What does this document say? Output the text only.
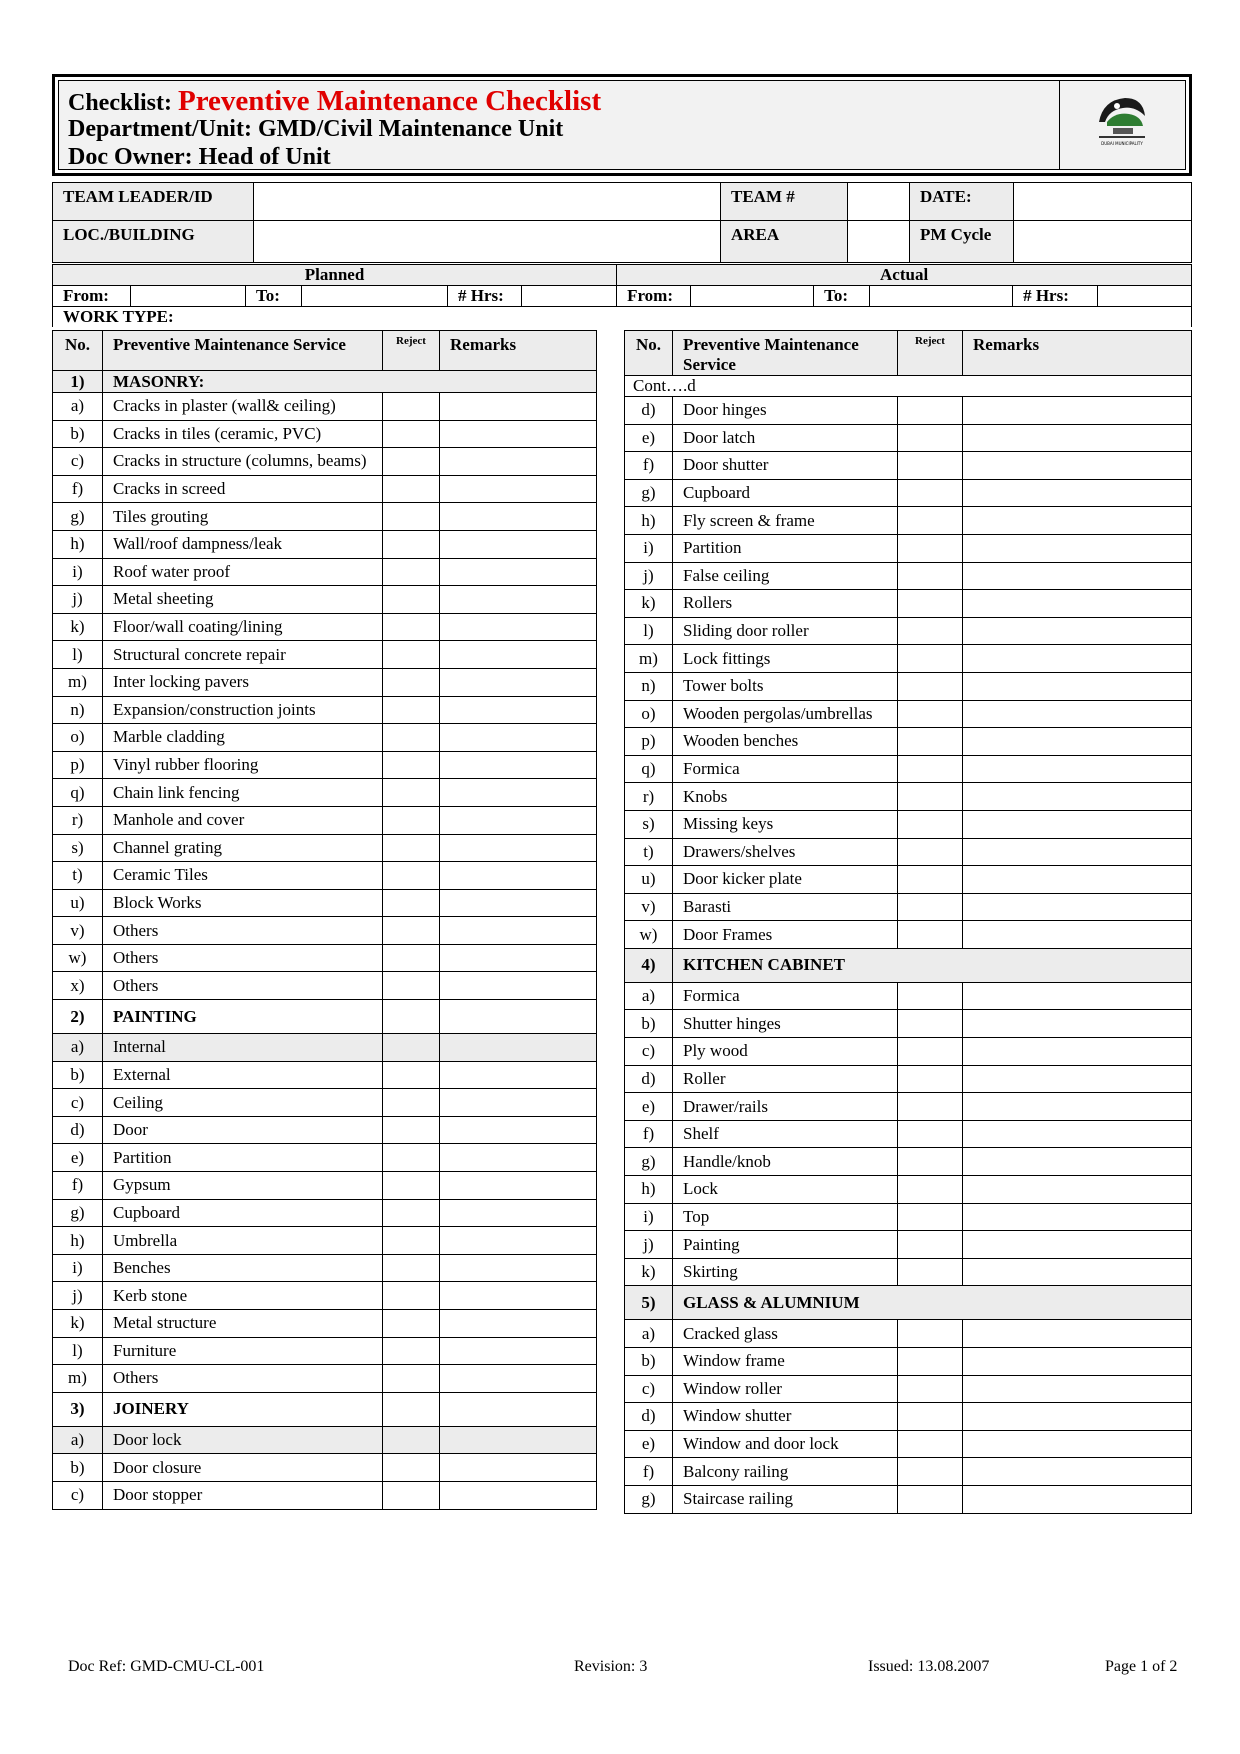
Checklist: Preventive Maintenance Checklist
Department/Unit: GMD/Civil Maintenance Unit
Doc Owner: Head of Unit
DUBAI MUNICIPALITY
TEAM LEADER/ID		TEAM #		DATE:	
LOC./BUILDING		AREA		PM Cycle	
Planned						Actual					
From:		To:		# Hrs:		From:		To:		# Hrs:	
WORK TYPE:											
No.	Preventive Maintenance Service	Reject	Remarks
1)	MASONRY:		
a)	Cracks in plaster (wall& ceiling)		
b)	Cracks in tiles (ceramic, PVC)		
c)	Cracks in structure (columns, beams)		
f)	Cracks in screed		
g)	Tiles grouting		
h)	Wall/roof dampness/leak		
i)	Roof water proof		
j)	Metal sheeting		
k)	Floor/wall coating/lining		
l)	Structural concrete repair		
m)	Inter locking pavers		
n)	Expansion/construction joints		
o)	Marble cladding		
p)	Vinyl rubber flooring		
q)	Chain link fencing		
r)	Manhole and cover		
s)	Channel grating		
t)	Ceramic Tiles		
u)	Block Works		
v)	Others		
w)	Others		
x)	Others		
2)	PAINTING		
a)	Internal		
b)	External		
c)	Ceiling		
d)	Door		
e)	Partition		
f)	Gypsum		
g)	Cupboard		
h)	Umbrella		
i)	Benches		
j)	Kerb stone		
k)	Metal structure		
l)	Furniture		
m)	Others		
3)	JOINERY		
a)	Door lock		
b)	Door closure		
c)	Door stopper		
No.	Preventive Maintenance Service	Reject	Remarks
Cont….d			
d)	Door hinges		
e)	Door latch		
f)	Door shutter		
g)	Cupboard		
h)	Fly screen & frame		
i)	Partition		
j)	False ceiling		
k)	Rollers		
l)	Sliding door roller		
m)	Lock fittings		
n)	Tower bolts		
o)	Wooden pergolas/umbrellas		
p)	Wooden benches		
q)	Formica		
r)	Knobs		
s)	Missing keys		
t)	Drawers/shelves		
u)	Door kicker plate		
v)	Barasti		
w)	Door Frames		
4)	KITCHEN CABINET		
a)	Formica		
b)	Shutter hinges		
c)	Ply wood		
d)	Roller		
e)	Drawer/rails		
f)	Shelf		
g)	Handle/knob		
h)	Lock		
i)	Top		
j)	Painting		
k)	Skirting		
5)	GLASS & ALUMNIUM		
a)	Cracked glass		
b)	Window frame		
c)	Window roller		
d)	Window shutter		
e)	Window and door lock		
f)	Balcony railing		
g)	Staircase railing		
Doc Ref: GMD-CMU-CL-001	Revision: 3	Issued: 13.08.2007	Page 1 of 2
